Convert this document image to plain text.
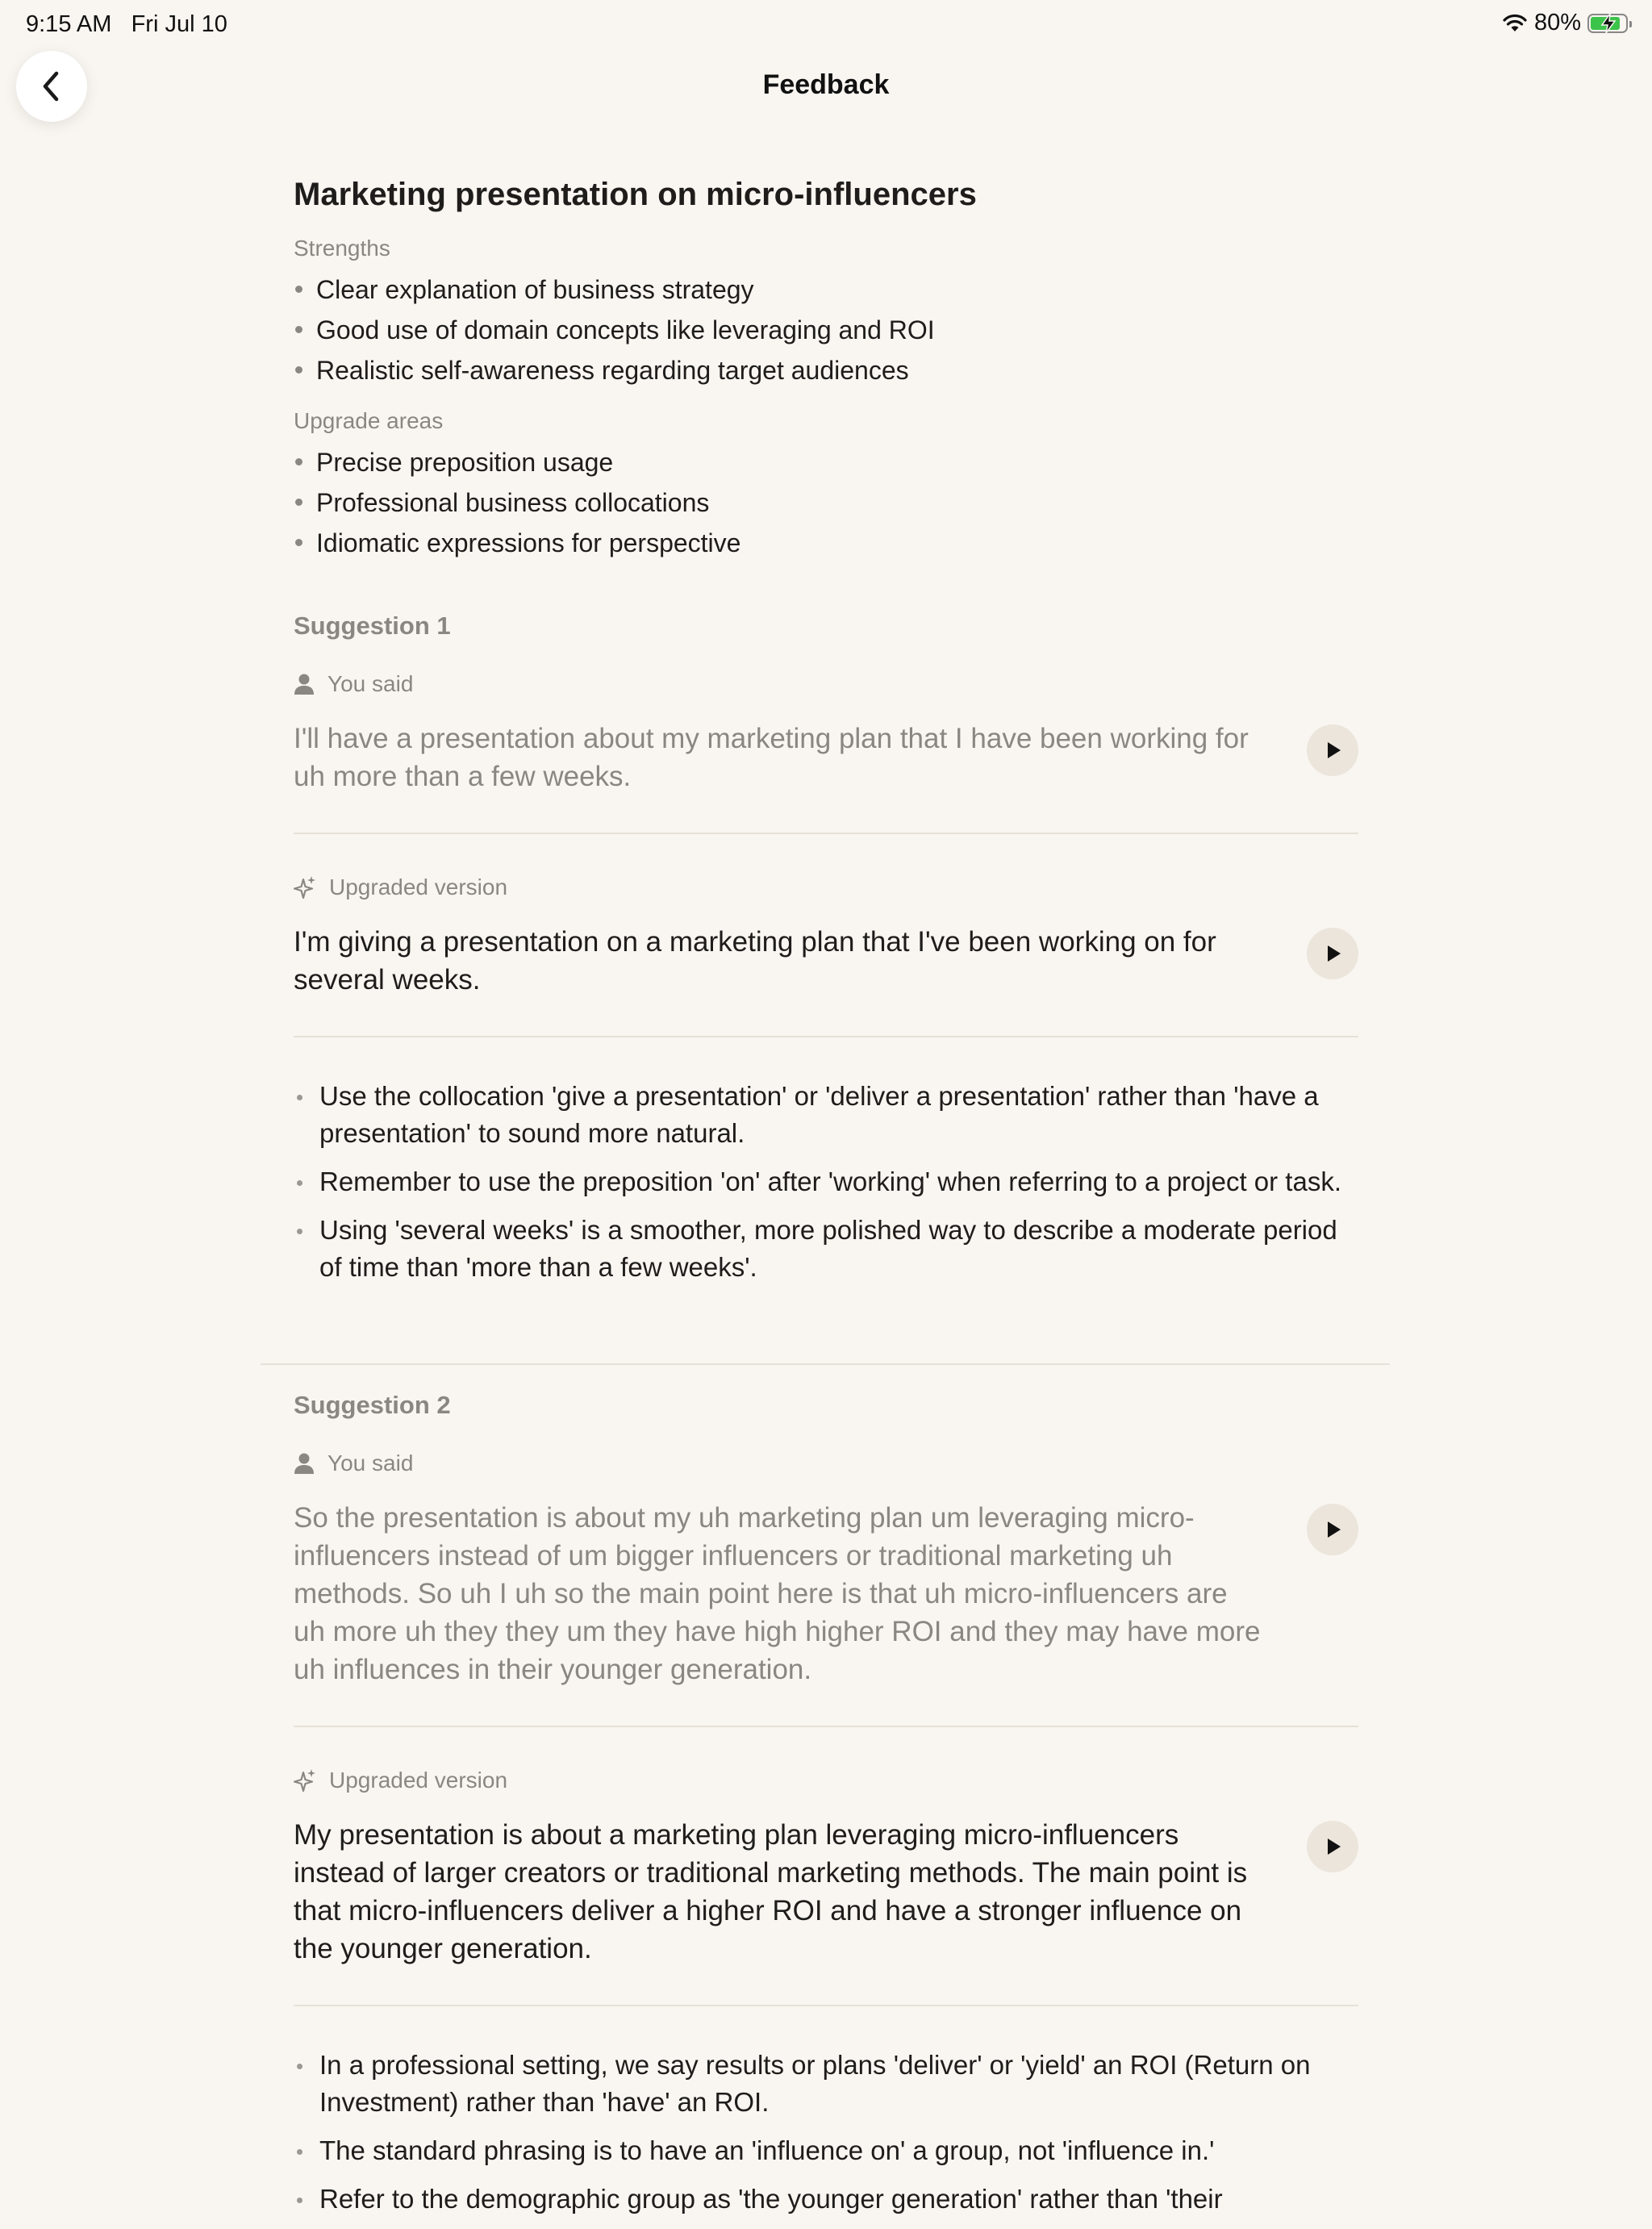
9:15 AM Fri Jul 10	80%
Feedback
Marketing presentation on micro-influencers
Strengths
Clear explanation of business strategy
Good use of domain concepts like leveraging and ROI
Realistic self-awareness regarding target audiences
Upgrade areas
Precise preposition usage
Professional business collocations
Idiomatic expressions for perspective
Suggestion 1
You said
I'll have a presentation about my marketing plan that I have been working for uh more than a few weeks.
Upgraded version
I'm giving a presentation on a marketing plan that I've been working on for several weeks.
Use the collocation 'give a presentation' or 'deliver a presentation' rather than 'have a presentation' to sound more natural.
Remember to use the preposition 'on' after 'working' when referring to a project or task.
Using 'several weeks' is a smoother, more polished way to describe a moderate period of time than 'more than a few weeks'.
Suggestion 2
You said
So the presentation is about my uh marketing plan um leveraging micro-influencers instead of um bigger influencers or traditional marketing uh methods. So uh I uh so the main point here is that uh micro-influencers are uh more uh they they um they have high higher ROI and they may have more uh influences in their younger generation.
Upgraded version
My presentation is about a marketing plan leveraging micro-influencers instead of larger creators or traditional marketing methods. The main point is that micro-influencers deliver a higher ROI and have a stronger influence on the younger generation.
In a professional setting, we say results or plans 'deliver' or 'yield' an ROI (Return on Investment) rather than 'have' an ROI.
The standard phrasing is to have an 'influence on' a group, not 'influence in.'
Refer to the demographic group as 'the younger generation' rather than 'their
